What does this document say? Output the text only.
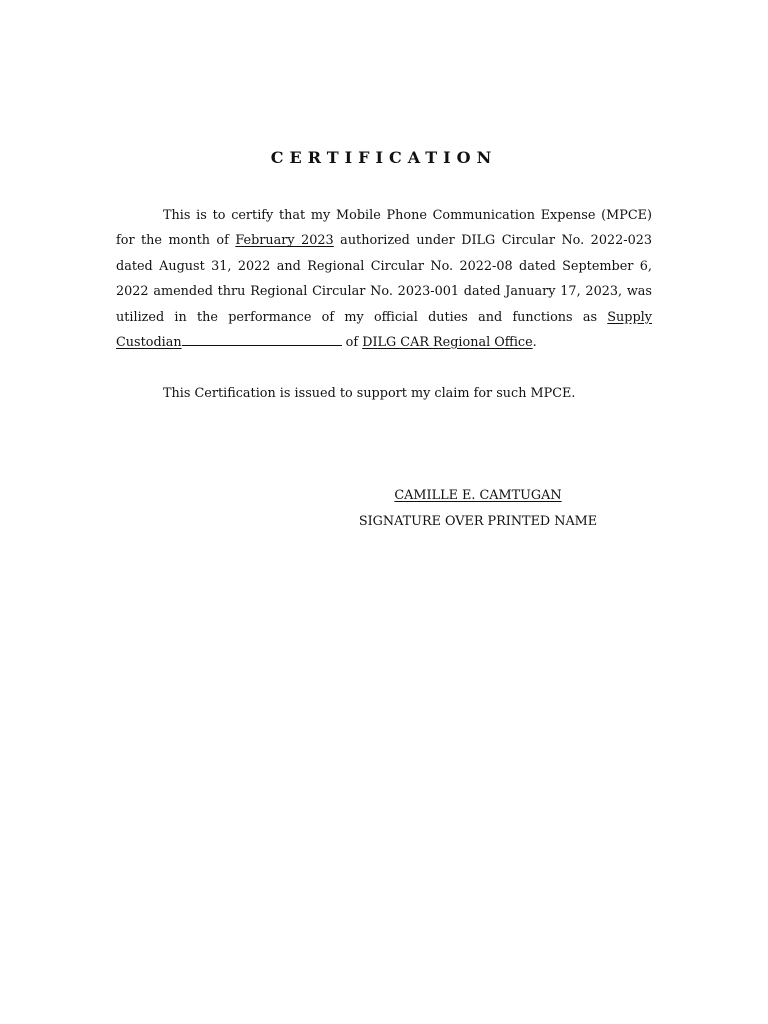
CERTIFICATION

This is to certify that my Mobile Phone Communication Expense (MPCE) for the month of February 2023 authorized under DILG Circular No. 2022-023 dated August 31, 2022 and Regional Circular No. 2022-08 dated September 6, 2022 amended thru Regional Circular No. 2023-001 dated January 17, 2023, was utilized in the performance of my official duties and functions as Supply Custodian	of DILG CAR Regional Office.

This Certification is issued to support my claim for such MPCE.

CAMILLE E. CAMTUGAN
SIGNATURE OVER PRINTED NAME
